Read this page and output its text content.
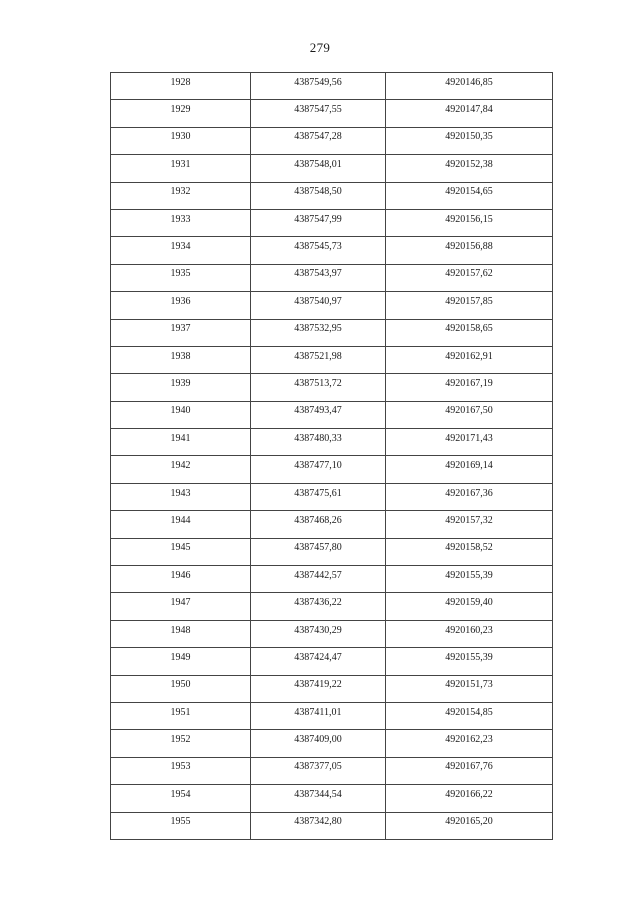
279
1928	4387549,56	4920146,85
1929	4387547,55	4920147,84
1930	4387547,28	4920150,35
1931	4387548,01	4920152,38
1932	4387548,50	4920154,65
1933	4387547,99	4920156,15
1934	4387545,73	4920156,88
1935	4387543,97	4920157,62
1936	4387540,97	4920157,85
1937	4387532,95	4920158,65
1938	4387521,98	4920162,91
1939	4387513,72	4920167,19
1940	4387493,47	4920167,50
1941	4387480,33	4920171,43
1942	4387477,10	4920169,14
1943	4387475,61	4920167,36
1944	4387468,26	4920157,32
1945	4387457,80	4920158,52
1946	4387442,57	4920155,39
1947	4387436,22	4920159,40
1948	4387430,29	4920160,23
1949	4387424,47	4920155,39
1950	4387419,22	4920151,73
1951	4387411,01	4920154,85
1952	4387409,00	4920162,23
1953	4387377,05	4920167,76
1954	4387344,54	4920166,22
1955	4387342,80	4920165,20
